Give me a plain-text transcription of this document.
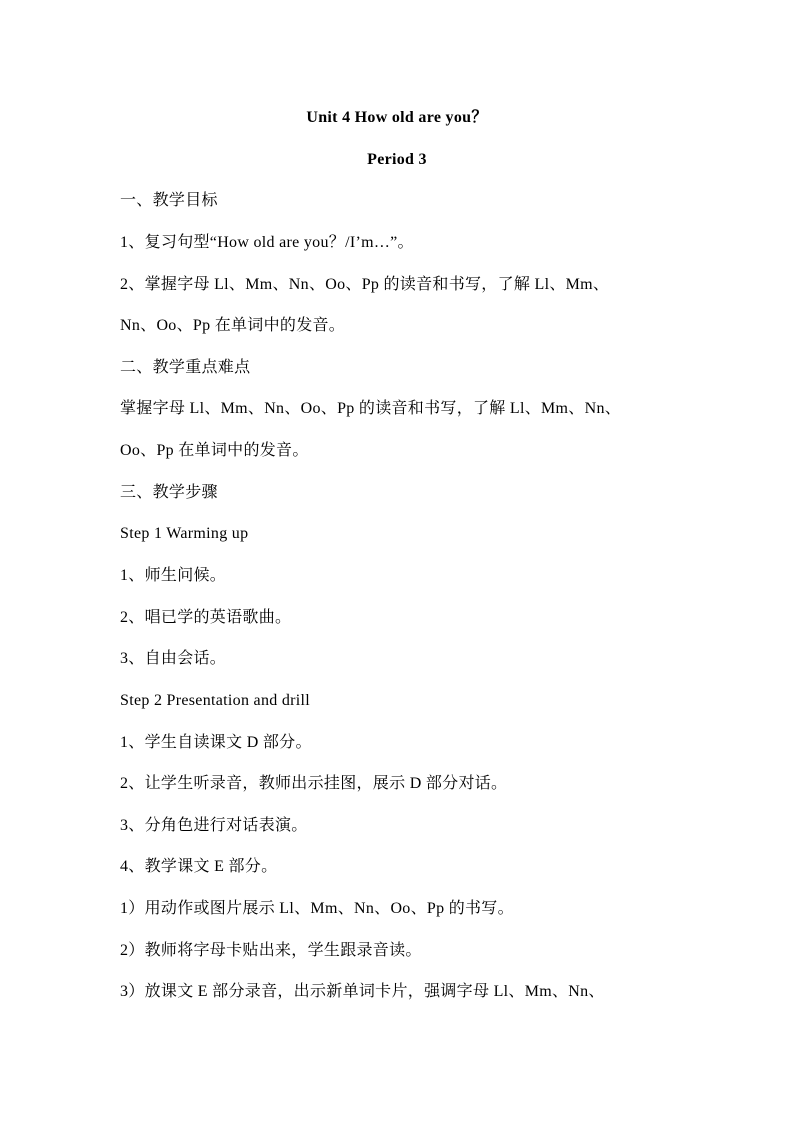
Unit 4 How old are you？
Period 3
一、教学目标
1、复习句型“How old are you？/I’m…”。
2、掌握字母 Ll、Mm、Nn、Oo、Pp 的读音和书写，了解 Ll、Mm、
Nn、Oo、Pp 在单词中的发音。
二、教学重点难点
掌握字母 Ll、Mm、Nn、Oo、Pp 的读音和书写，了解 Ll、Mm、Nn、
Oo、Pp 在单词中的发音。
三、教学步骤
Step 1 Warming up
1、师生问候。
2、唱已学的英语歌曲。
3、自由会话。
Step 2 Presentation and drill
1、学生自读课文 D 部分。
2、让学生听录音，教师出示挂图，展示 D 部分对话。
3、分角色进行对话表演。
4、教学课文 E 部分。
1）用动作或图片展示 Ll、Mm、Nn、Oo、Pp 的书写。
2）教师将字母卡贴出来，学生跟录音读。
3）放课文 E 部分录音，出示新单词卡片，强调字母 Ll、Mm、Nn、
